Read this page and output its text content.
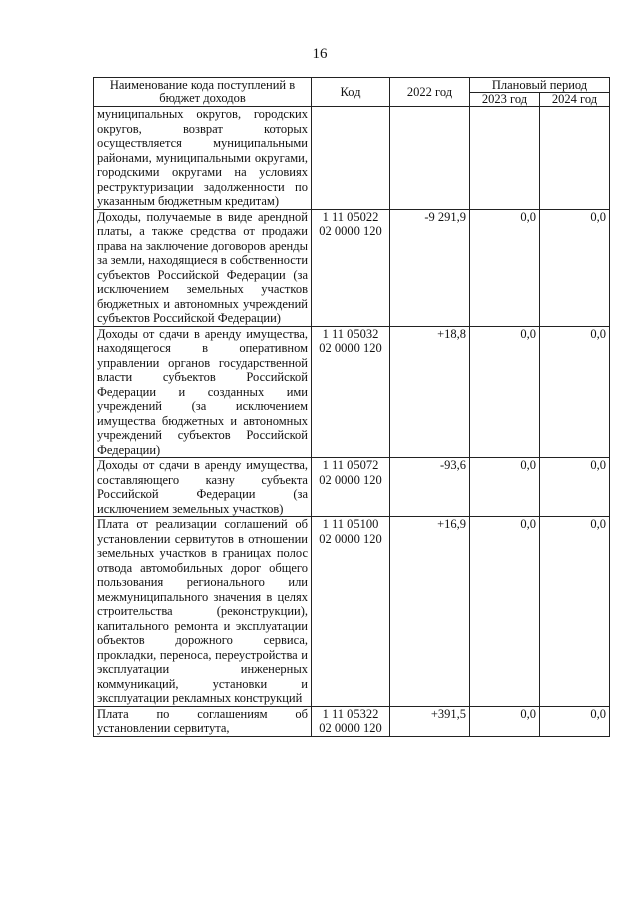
16
Наименование кода поступлений в бюджет доходов	Код	2022 год	Плановый период	
			2023 год	2024 год
муниципальных округов, городских округов, возврат которых осуществляется муниципальными районами, муниципальными округами, городскими округами на условиях реструктуризации задолженности по указанным бюджетным кредитам)				
Доходы, получаемые в виде арендной платы, а также средства от продажи права на заключение договоров аренды за земли, находящиеся в собственности субъектов Российской Федерации (за исключением земельных участков бюджетных и автономных учреждений субъектов Российской Федерации)	1 11 05022 02 0000 120	-9 291,9	0,0	0,0
Доходы от сдачи в аренду имущества, находящегося в оперативном управлении органов государственной власти субъектов Российской Федерации и созданных ими учреждений (за исключением имущества бюджетных и автономных учреждений субъектов Российской Федерации)	1 11 05032 02 0000 120	+18,8	0,0	0,0
Доходы от сдачи в аренду имущества, составляющего казну субъекта Российской Федерации (за исключением земельных участков)	1 11 05072 02 0000 120	-93,6	0,0	0,0
Плата от реализации соглашений об установлении сервитутов в отношении земельных участков в границах полос отвода автомобильных дорог общего пользования регионального или межмуниципального значения в целях строительства (реконструкции), капитального ремонта и эксплуатации объектов дорожного сервиса, прокладки, переноса, переустройства и эксплуатации инженерных коммуникаций, установки и эксплуатации рекламных конструкций	1 11 05100 02 0000 120	+16,9	0,0	0,0
Плата по соглашениям об установлении сервитута,	1 11 05322 02 0000 120	+391,5	0,0	0,0
